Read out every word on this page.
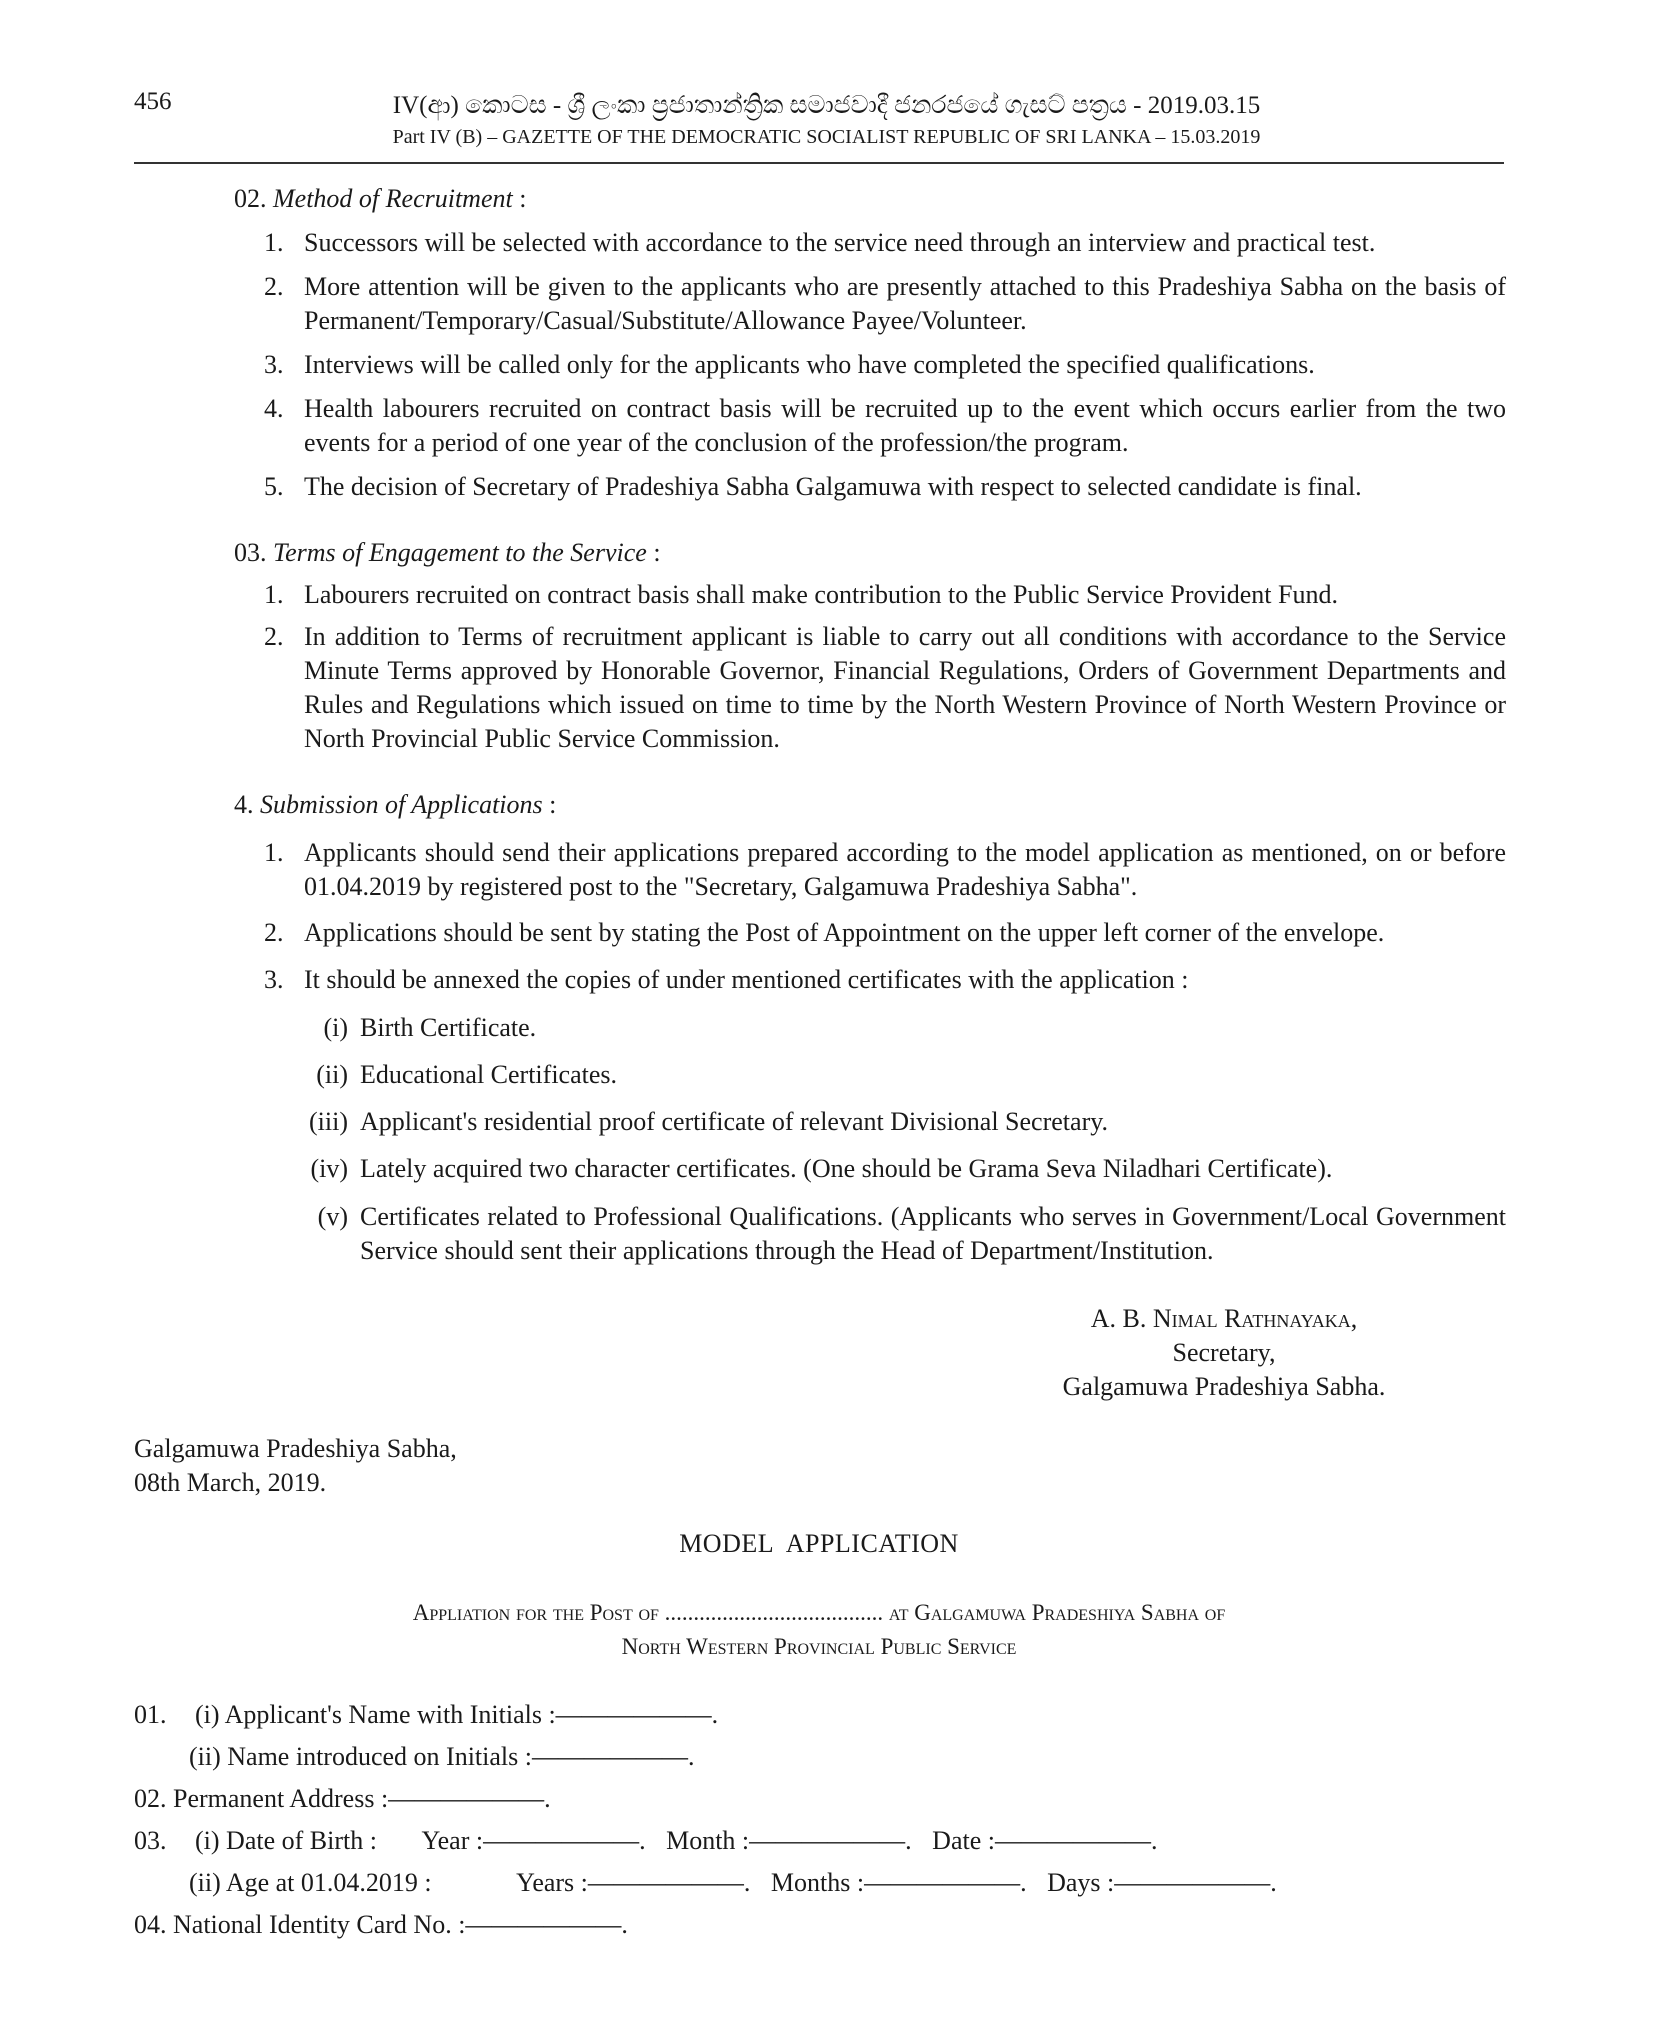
456	IV(ආ) කොටස - ශ්‍රී ලංකා ප්‍රජාතාන්ත්‍රික සමාජවාදී ජනරජයේ ගැසට් පත්‍රය - 2019.03.15
Part IV (B) – GAZETTE OF THE DEMOCRATIC SOCIALIST REPUBLIC OF SRI LANKA – 15.03.2019
02. Method of Recruitment :
1. Successors will be selected with accordance to the service need through an interview and practical test.
2. More attention will be given to the applicants who are presently attached to this Pradeshiya Sabha on the basis of Permanent/Temporary/Casual/Substitute/Allowance Payee/Volunteer.
3. Interviews will be called only for the applicants who have completed the specified qualifications.
4. Health labourers recruited on contract basis will be recruited up to the event which occurs earlier from the two events for a period of one year of the conclusion of the profession/the program.
5. The decision of Secretary of Pradeshiya Sabha Galgamuwa with respect to selected candidate is final.
03. Terms of Engagement to the Service :
1. Labourers recruited on contract basis shall make contribution to the Public Service Provident Fund.
2. In addition to Terms of recruitment applicant is liable to carry out all conditions with accordance to the Service Minute Terms approved by Honorable Governor, Financial Regulations, Orders of Government Departments and Rules and Regulations which issued on time to time by the North Western Province of North Western Province or North Provincial Public Service Commission.
4. Submission of Applications :
1. Applicants should send their applications prepared according to the model application as mentioned, on or before 01.04.2019 by registered post to the "Secretary, Galgamuwa Pradeshiya Sabha".
2. Applications should be sent by stating the Post of Appointment on the upper left corner of the envelope.
3. It should be annexed the copies of under mentioned certificates with the application :
(i) Birth Certificate.
(ii) Educational Certificates.
(iii) Applicant's residential proof certificate of relevant Divisional Secretary.
(iv) Lately acquired two character certificates. (One should be Grama Seva Niladhari Certificate).
(v) Certificates related to Professional Qualifications. (Applicants who serves in Government/Local Government Service should sent their applications through the Head of Department/Institution.
A. B. Nimal Rathnayaka,
Secretary,
Galgamuwa Pradeshiya Sabha.
Galgamuwa Pradeshiya Sabha,
08th March, 2019.
MODEL  APPLICATION
Appliation for the Post of ...................................... at Galgamuwa Pradeshiya Sabha of
North Western Provincial Public Service
01. (i) Applicant's Name with Initials :——————.
(ii) Name introduced on Initials :——————.
02. Permanent Address :——————.
03. (i) Date of Birth : Year :——————. Month :——————. Date :——————.
(ii) Age at 01.04.2019 :	Years :——————. Months :——————. Days :——————.
04. National Identity Card No. :——————.
